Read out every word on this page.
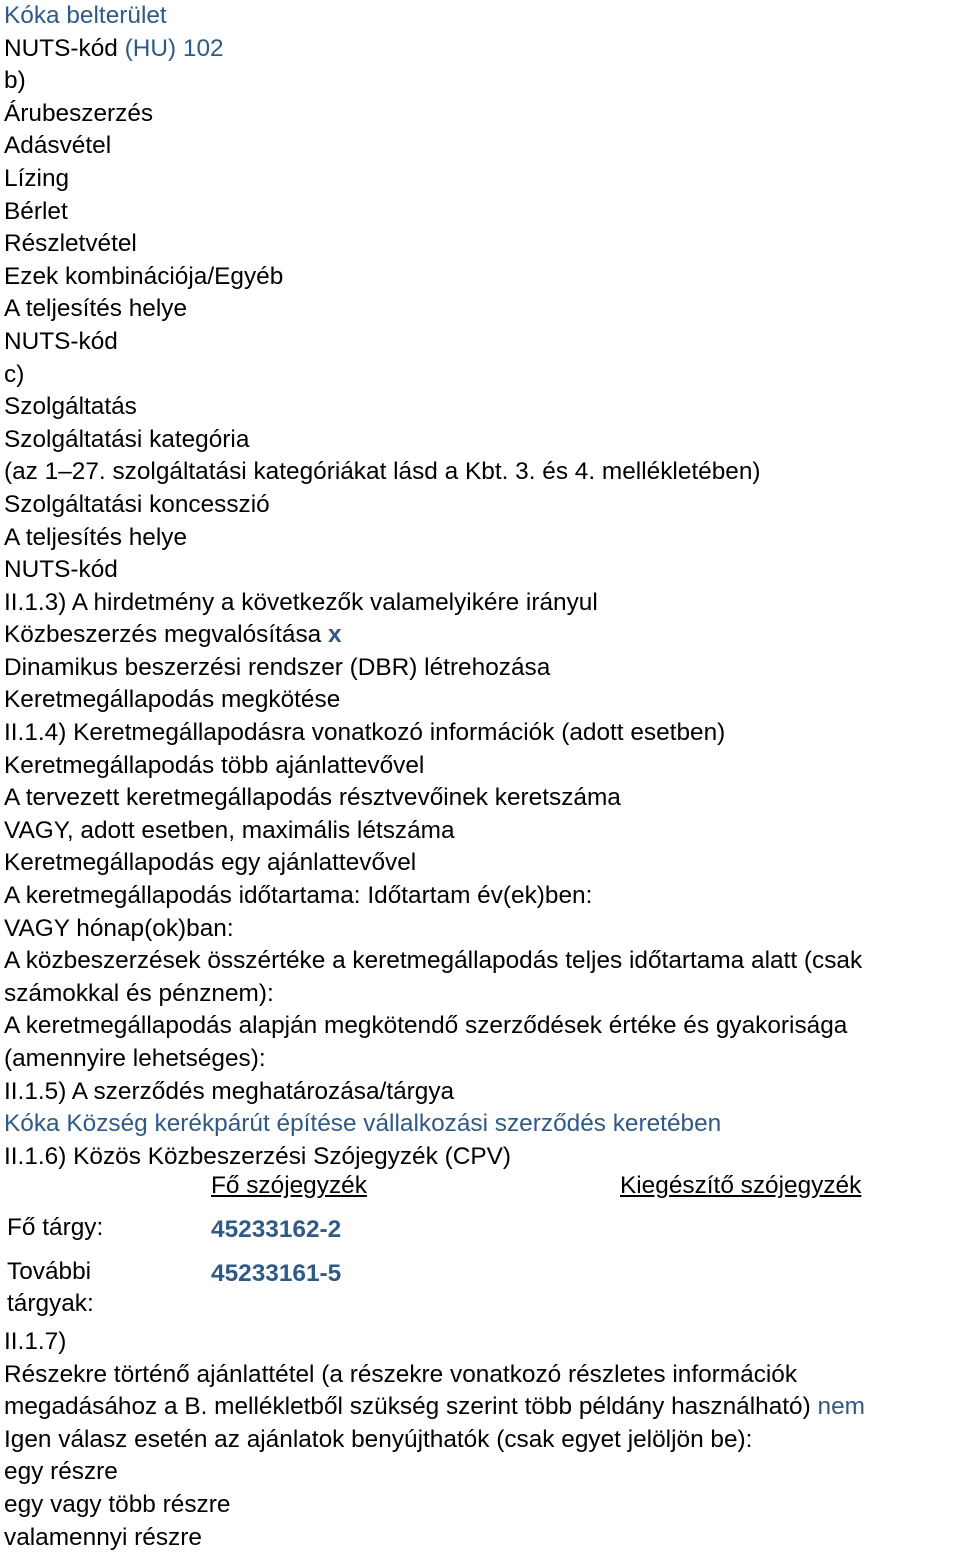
Kóka belterület
NUTS-kód (HU) 102
b)
Árubeszerzés
Adásvétel
Lízing
Bérlet
Részletvétel
Ezek kombinációja/Egyéb
A teljesítés helye
NUTS-kód
c)
Szolgáltatás
Szolgáltatási kategória
(az 1–27. szolgáltatási kategóriákat lásd a Kbt. 3. és 4. mellékletében)
Szolgáltatási koncesszió
A teljesítés helye
NUTS-kód
II.1.3) A hirdetmény a következők valamelyikére irányul
Közbeszerzés megvalósítása x
Dinamikus beszerzési rendszer (DBR) létrehozása
Keretmegállapodás megkötése
II.1.4) Keretmegállapodásra vonatkozó információk (adott esetben)
Keretmegállapodás több ajánlattevővel
A tervezett keretmegállapodás résztvevőinek keretszáma
VAGY, adott esetben, maximális létszáma
Keretmegállapodás egy ajánlattevővel
A keretmegállapodás időtartama: Időtartam év(ek)ben:
VAGY hónap(ok)ban:
A közbeszerzések összértéke a keretmegállapodás teljes időtartama alatt (csak
számokkal és pénznem):
A keretmegállapodás alapján megkötendő szerződések értéke és gyakorisága
(amennyire lehetséges):
II.1.5) A szerződés meghatározása/tárgya
Kóka Község kerékpárút építése vállalkozási szerződés keretében
II.1.6) Közös Közbeszerzési Szójegyzék (CPV)
Fő szójegyzék	Kiegészítő szójegyzék
Fő tárgy:	45233162-2
További
tárgyak:
45233161-5
II.1.7)
Részekre történő ajánlattétel (a részekre vonatkozó részletes információk
megadásához a B. mellékletből szükség szerint több példány használható) nem
Igen válasz esetén az ajánlatok benyújthatók (csak egyet jelöljön be):
egy részre
egy vagy több részre
valamennyi részre
